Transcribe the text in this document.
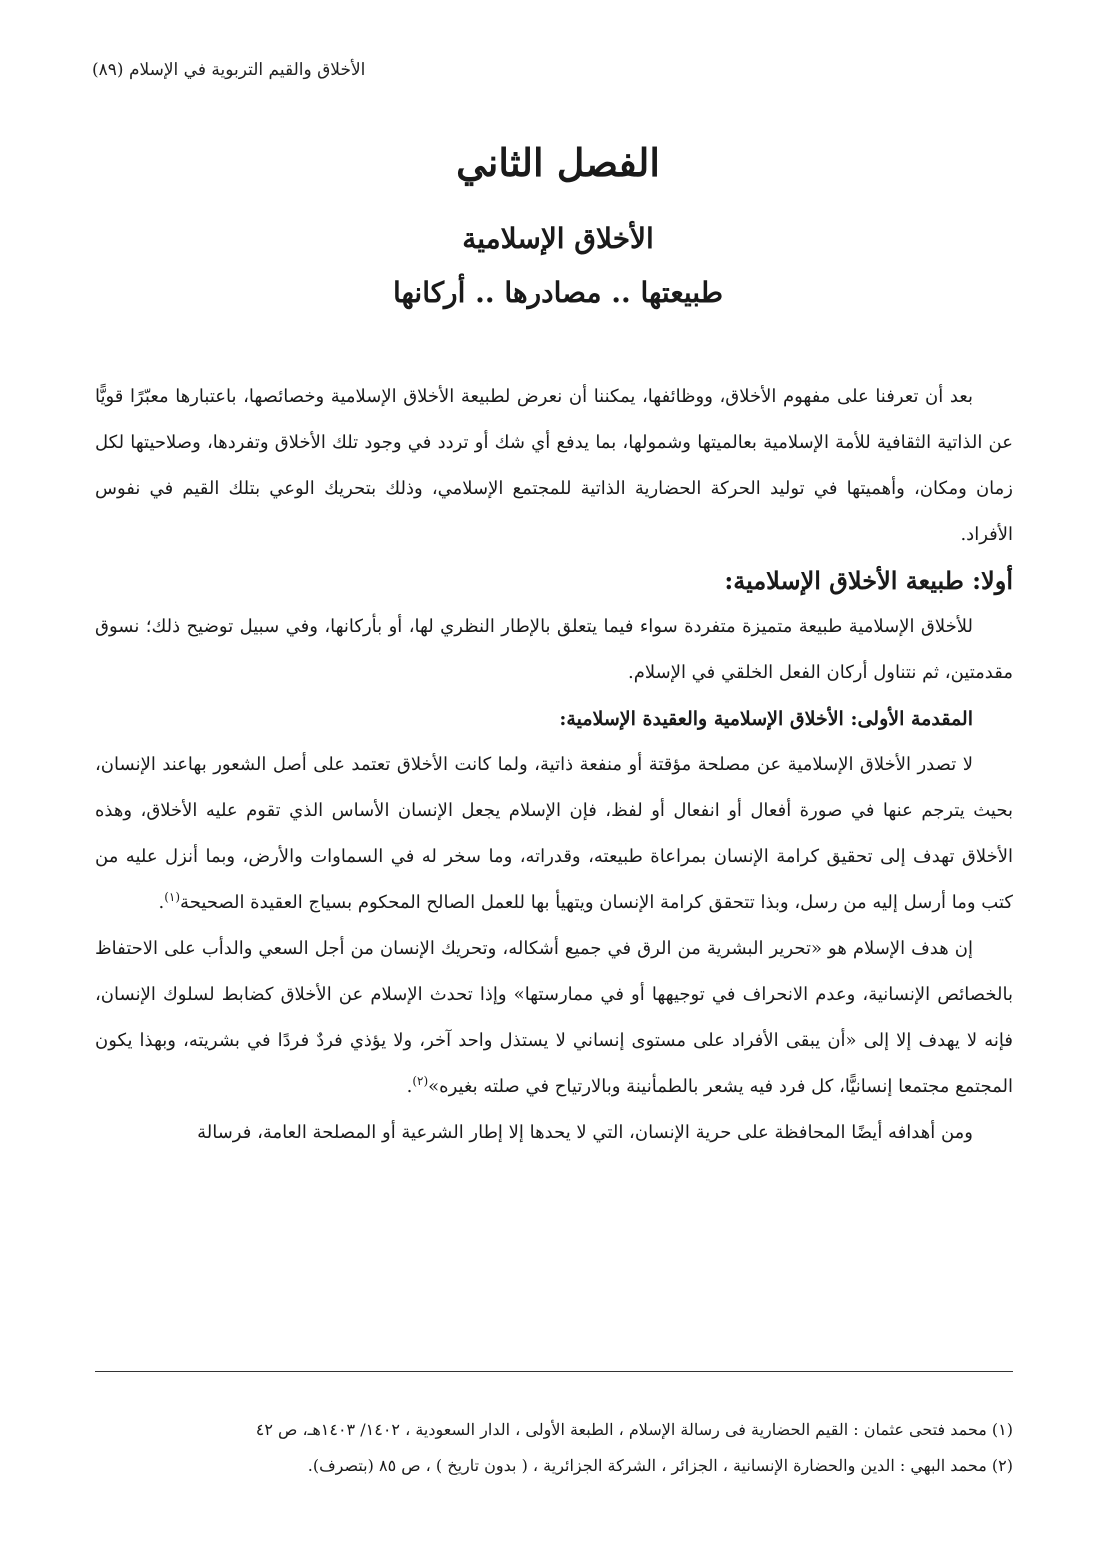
الأخلاق والقيم التربوية في الإسلام (٨٩)
الفصل الثاني
الأخلاق الإسلامية
طبيعتها .. مصادرها .. أركانها

بعد أن تعرفنا على مفهوم الأخلاق، ووظائفها، يمكننا أن نعرض لطبيعة الأخلاق الإسلامية وخصائصها، باعتبارها معبّرًا قويًّا عن الذاتية الثقافية للأمة الإسلامية بعالميتها وشمولها، بما يدفع أي شك أو تردد في وجود تلك الأخلاق وتفردها، وصلاحيتها لكل زمان ومكان، وأهميتها في توليد الحركة الحضارية الذاتية للمجتمع الإسلامي، وذلك بتحريك الوعي بتلك القيم في نفوس الأفراد.

أولا: طبيعة الأخلاق الإسلامية:

للأخلاق الإسلامية طبيعة متميزة متفردة سواء فيما يتعلق بالإطار النظري لها، أو بأركانها، وفي سبيل توضيح ذلك؛ نسوق مقدمتين، ثم نتناول أركان الفعل الخلقي في الإسلام.

المقدمة الأولى: الأخلاق الإسلامية والعقيدة الإسلامية:

لا تصدر الأخلاق الإسلامية عن مصلحة مؤقتة أو منفعة ذاتية، ولما كانت الأخلاق تعتمد على أصل الشعور بهاعند الإنسان، بحيث يترجم عنها في صورة أفعال أو انفعال أو لفظ، فإن الإسلام يجعل الإنسان الأساس الذي تقوم عليه الأخلاق، وهذه الأخلاق تهدف إلى تحقيق كرامة الإنسان بمراعاة طبيعته، وقدراته، وما سخر له في السماوات والأرض، وبما أنزل عليه من كتب وما أرسل إليه من رسل، وبذا تتحقق كرامة الإنسان ويتهيأ بها للعمل الصالح المحكوم بسياج العقيدة الصحيحة$^{(١)}$.

إن هدف الإسلام هو «تحرير البشرية من الرق في جميع أشكاله، وتحريك الإنسان من أجل السعي والدأب على الاحتفاظ بالخصائص الإنسانية، وعدم الانحراف في توجيهها أو في ممارستها» وإذا تحدث الإسلام عن الأخلاق كضابط لسلوك الإنسان، فإنه لا يهدف إلا إلى «أن يبقى الأفراد على مستوى إنساني لا يستذل واحد آخر، ولا يؤذي فردٌ فردًا في بشريته، وبهذا يكون المجتمع مجتمعا إنسانيًّا، كل فرد فيه يشعر بالطمأنينة وبالارتياح في صلته بغيره»$^{(٢)}$.

ومن أهدافه أيضًا المحافظة على حرية الإنسان، التي لا يحدها إلا إطار الشرعية أو المصلحة العامة، فرسالة

(١) محمد فتحى عثمان : القيم الحضارية فى رسالة الإسلام ، الطبعة الأولى ، الدار السعودية ، ١٤٠٢/ ١٤٠٣هـ، ص ٤٢
(٢) محمد البهي : الدين والحضارة الإنسانية ، الجزائر ، الشركة الجزائرية ، ( بدون تاريخ ) ، ص ٨٥ (بتصرف).
